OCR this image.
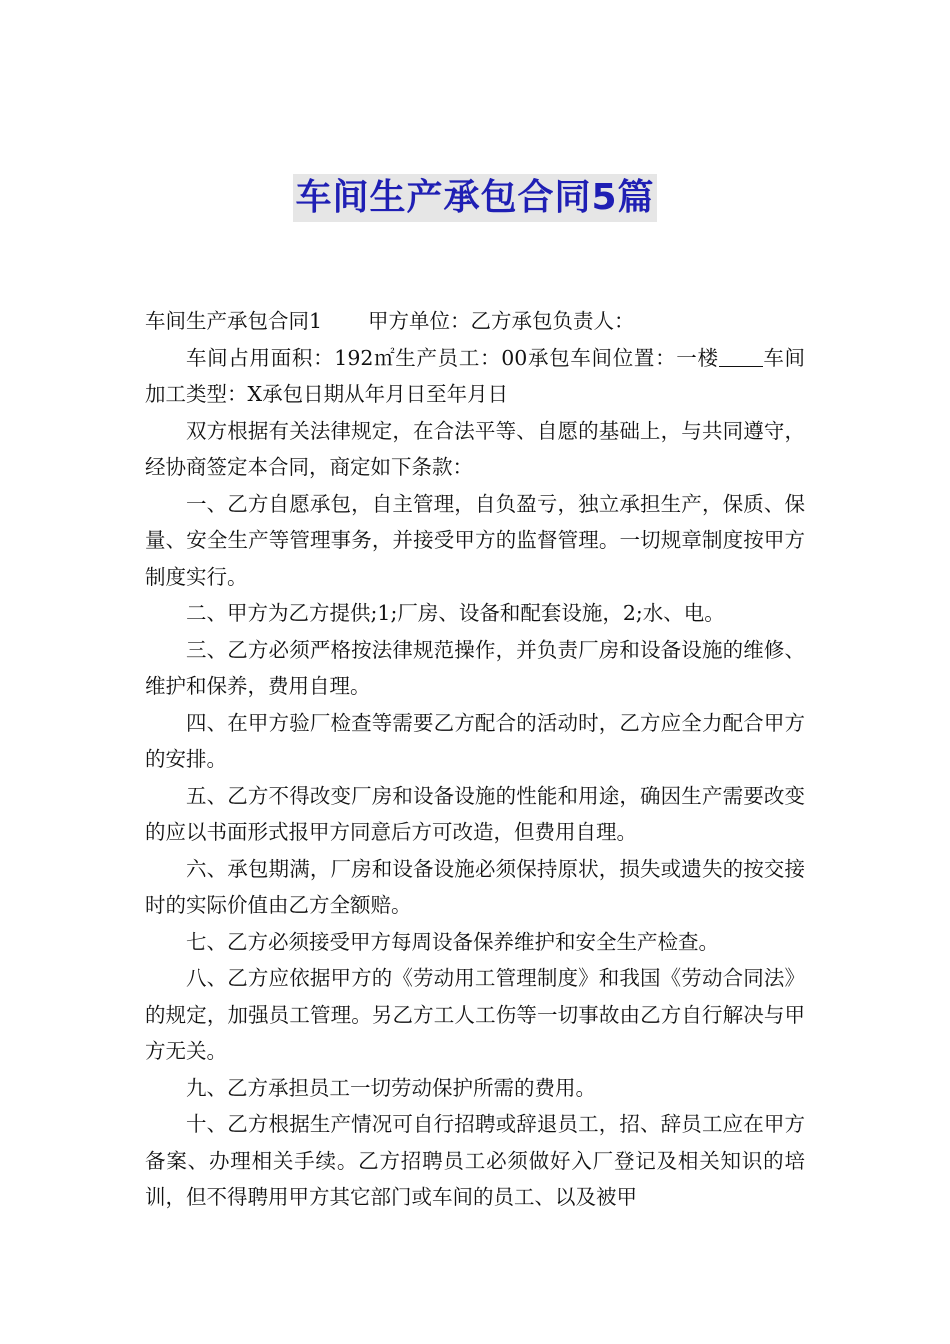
车间生产承包合同5篇

车间生产承包合同1 甲方单位：乙方承包负责人：

车间占用面积：192㎡生产员工：00承包车间位置：一楼 车间加工类型：X承包日期从年月日至年月日

双方根据有关法律规定，在合法平等、自愿的基础上，与共同遵守，经协商签定本合同，商定如下条款：

一、乙方自愿承包，自主管理，自负盈亏，独立承担生产，保质、保量、安全生产等管理事务，并接受甲方的监督管理。一切规章制度按甲方制度实行。

二、甲方为乙方提供;1;厂房、设备和配套设施，2;水、电。

三、乙方必须严格按法律规范操作，并负责厂房和设备设施的维修、维护和保养，费用自理。

四、在甲方验厂检查等需要乙方配合的活动时，乙方应全力配合甲方的安排。

五、乙方不得改变厂房和设备设施的性能和用途，确因生产需要改变的应以书面形式报甲方同意后方可改造，但费用自理。

六、承包期满，厂房和设备设施必须保持原状，损失或遗失的按交接时的实际价值由乙方全额赔。

七、乙方必须接受甲方每周设备保养维护和安全生产检查。

八、乙方应依据甲方的《劳动用工管理制度》和我国《劳动合同法》的规定，加强员工管理。另乙方工人工伤等一切事故由乙方自行解决与甲方无关。

九、乙方承担员工一切劳动保护所需的费用。

十、乙方根据生产情况可自行招聘或辞退员工，招、辞员工应在甲方备案、办理相关手续。乙方招聘员工必须做好入厂登记及相关知识的培训，但不得聘用甲方其它部门或车间的员工、以及被甲
